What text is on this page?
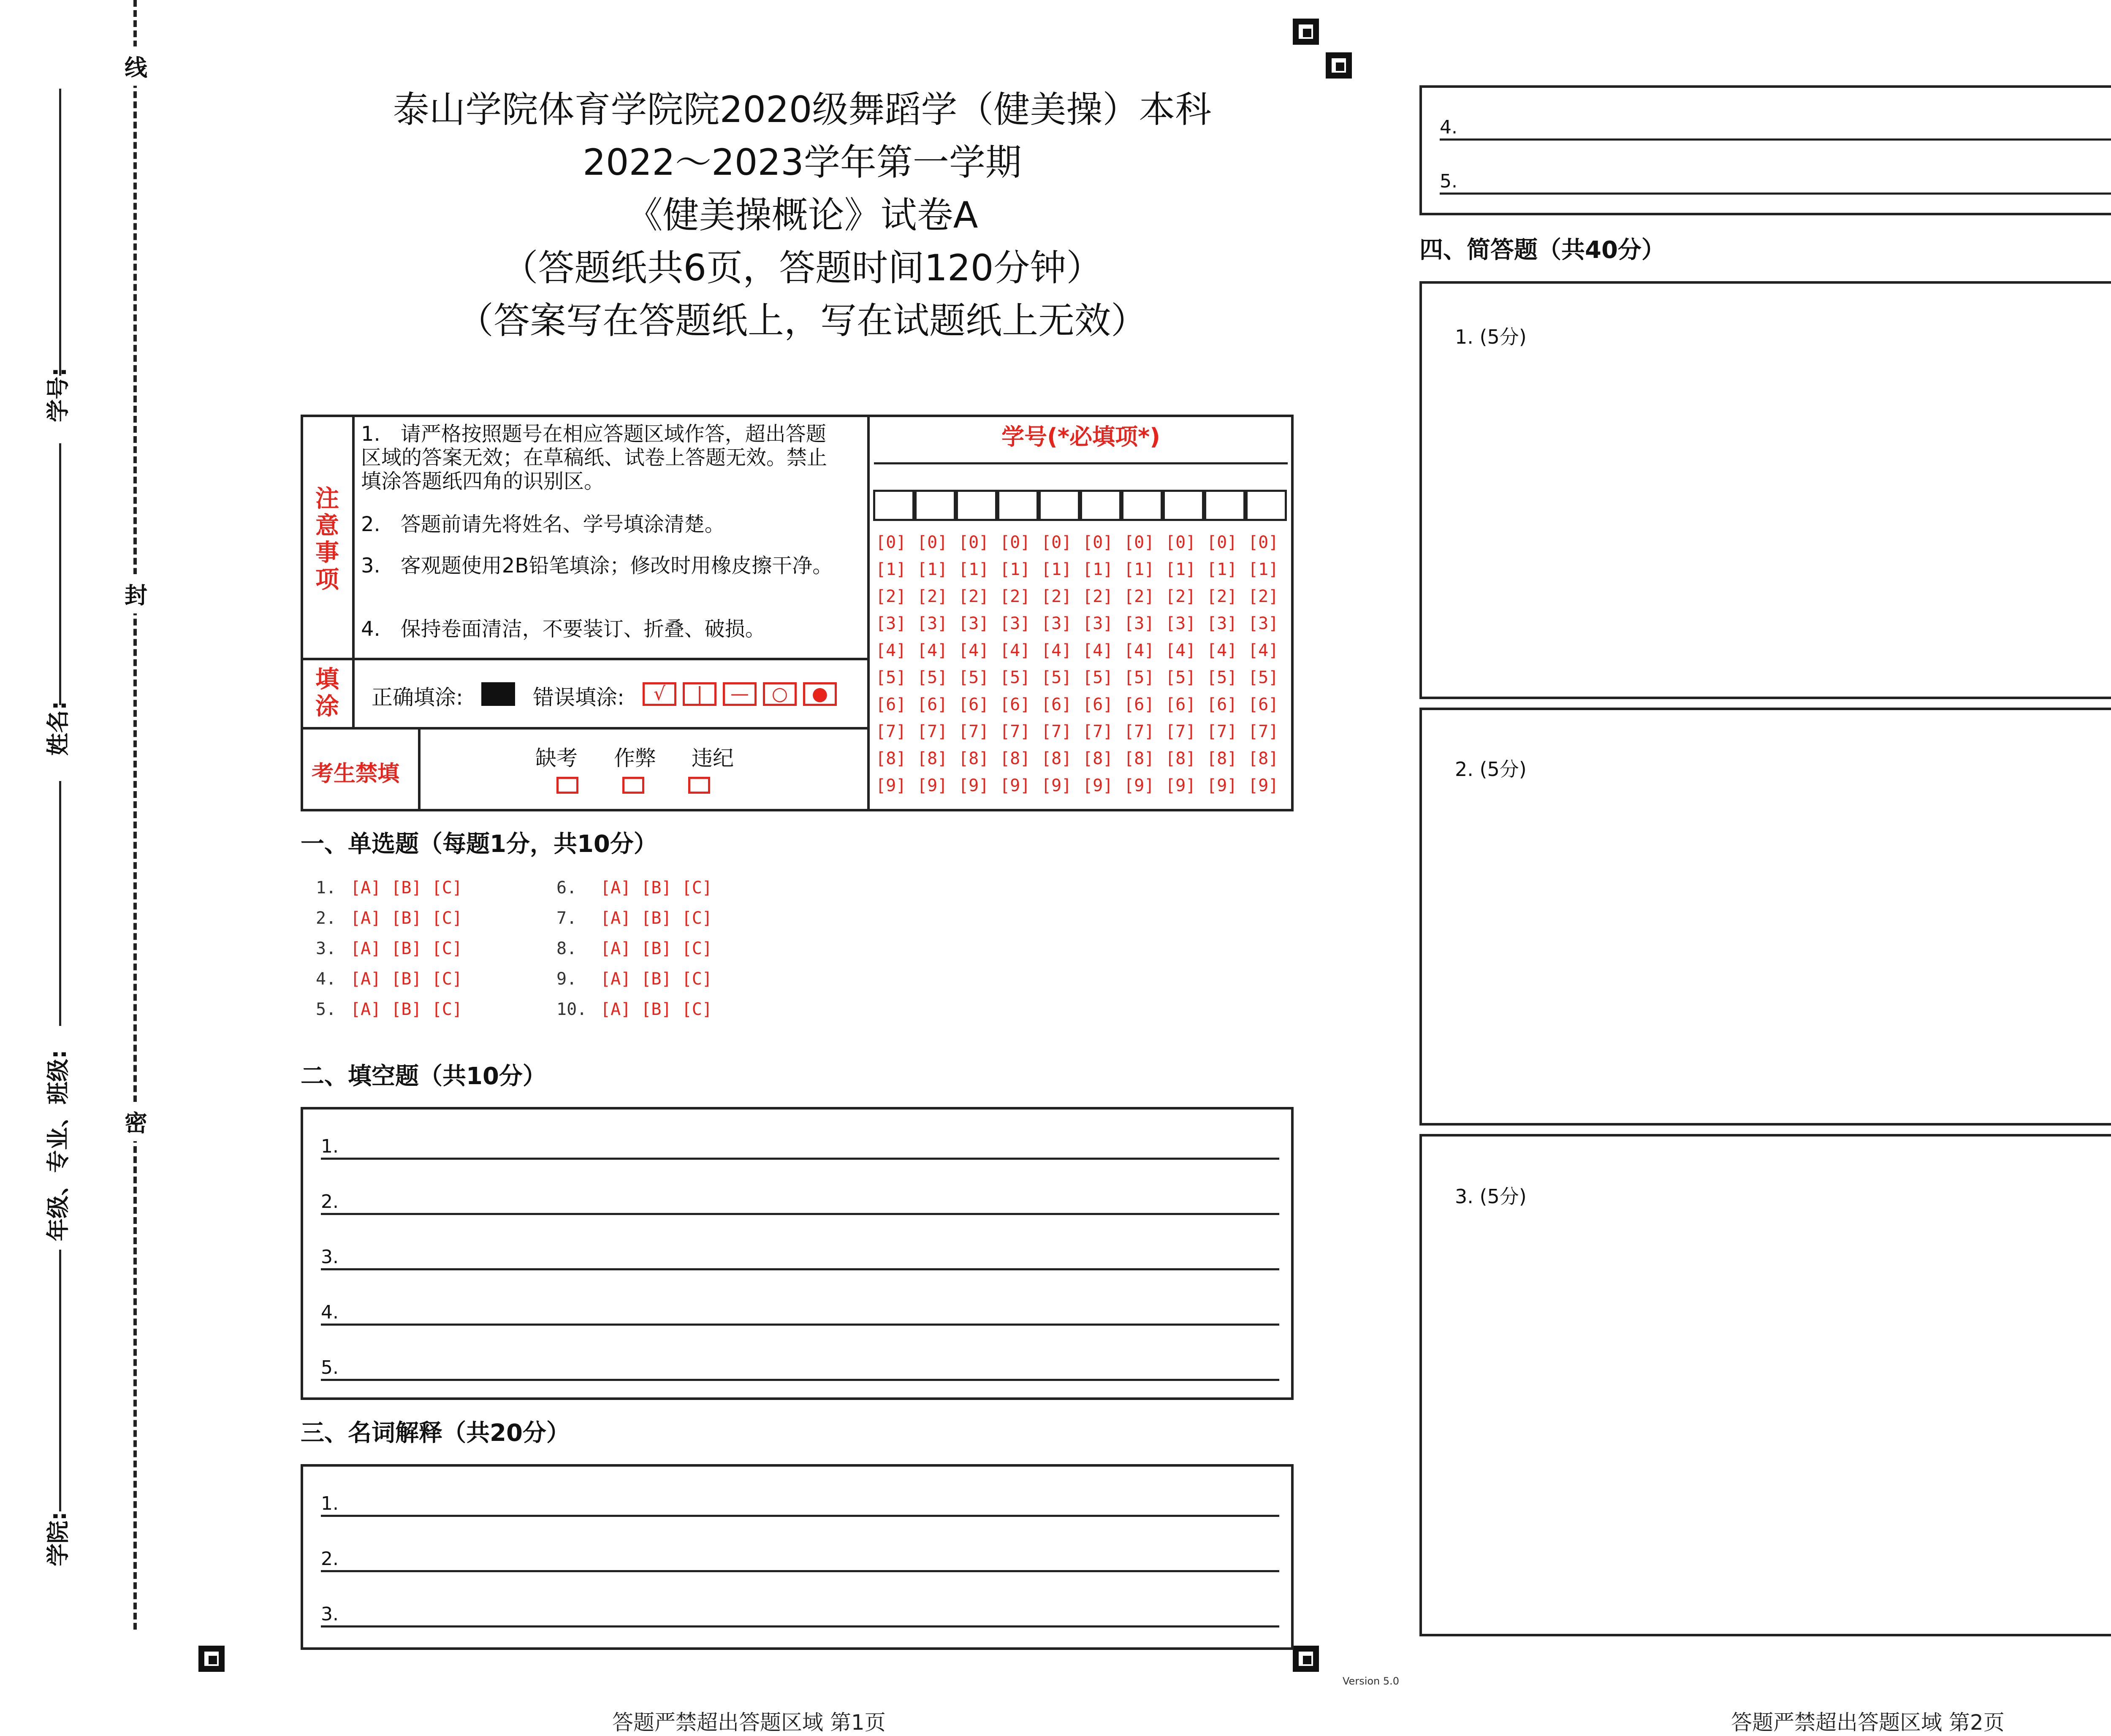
线
封
密
学号:
姓名:
年级、专业、班级:
学院:
泰山学院体育学院院2020级舞蹈学（健美操）本科
2022～2023学年第一学期
《健美操概论》试卷A
（答题纸共6页，答题时间120分钟）
（答案写在答题纸上，写在试题纸上无效）
注意事项
1.　请严格按照题号在相应答题区域作答，超出答题区域的答案无效；在草稿纸、试卷上答题无效。禁止填涂答题纸四角的识别区。
2.　答题前请先将姓名、学号填涂清楚。
3.　客观题使用2B铅笔填涂；修改时用橡皮擦干净。
4.　保持卷面清洁，不要装订、折叠、破损。
填涂 正确填涂:	错误填涂:	√	|	—	○	●
考生禁填
缺考 作弊 违纪
学号(*必填项*)
[0] [0] [0] [0] [0] [0] [0] [0] [0] [0]
[1] [1] [1] [1] [1] [1] [1] [1] [1] [1]
[2] [2] [2] [2] [2] [2] [2] [2] [2] [2]
[3] [3] [3] [3] [3] [3] [3] [3] [3] [3]
[4] [4] [4] [4] [4] [4] [4] [4] [4] [4]
[5] [5] [5] [5] [5] [5] [5] [5] [5] [5]
[6] [6] [6] [6] [6] [6] [6] [6] [6] [6]
[7] [7] [7] [7] [7] [7] [7] [7] [7] [7]
[8] [8] [8] [8] [8] [8] [8] [8] [8] [8]
[9] [9] [9] [9] [9] [9] [9] [9] [9] [9]
一、单选题（每题1分，共10分）
1. [A] [B] [C]
2. [A] [B] [C]
3. [A] [B] [C]
4. [A] [B] [C]
5. [A] [B] [C]
6. [A] [B] [C]
7. [A] [B] [C]
8. [A] [B] [C]
9. [A] [B] [C]
10. [A] [B] [C]
二、填空题（共10分）
1.
2.
3.
4.
5.
三、名词解释（共20分）
1.
2.
3.
4.
5.
四、简答题（共40分）
1. (5分)
2. (5分)
3. (5分)
Version 5.0
答题严禁超出答题区域 第1页	答题严禁超出答题区域 第2页
